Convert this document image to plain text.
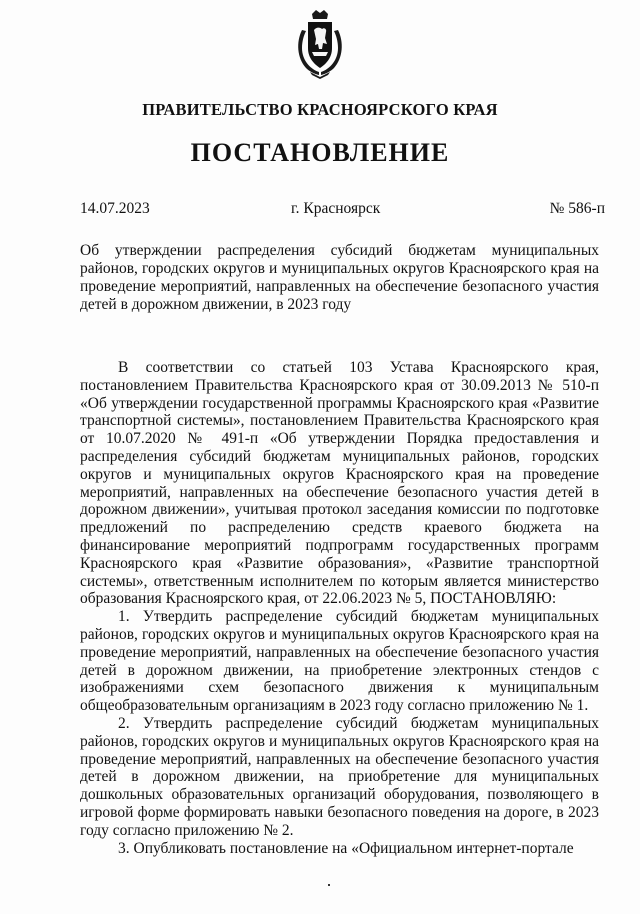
ПРАВИТЕЛЬСТВО КРАСНОЯРСКОГО КРАЯ
ПОСТАНОВЛЕНИЕ
14.07.2023	г. Красноярск	№ 586-п
Об утверждении распределения субсидий бюджетам муниципальных районов, городских округов и муниципальных округов Красноярского края на проведение мероприятий, направленных на обеспечение безопасного участия детей в дорожном движении, в 2023 году

В соответствии со статьей 103 Устава Красноярского края, постановлением Правительства Красноярского края от 30.09.2013 № 510-п «Об утверждении государственной программы Красноярского края «Развитие транспортной системы», постановлением Правительства Красноярского края от 10.07.2020 № 491-п «Об утверждении Порядка предоставления и распределения субсидий бюджетам муниципальных районов, городских округов и муниципальных округов Красноярского края на проведение мероприятий, направленных на обеспечение безопасного участия детей в дорожном движении», учитывая протокол заседания комиссии по подготовке предложений по распределению средств краевого бюджета на финансирование мероприятий подпрограмм государственных программ Красноярского края «Развитие образования», «Развитие транспортной системы», ответственным исполнителем по которым является министерство образования Красноярского края, от 22.06.2023 № 5, ПОСТАНОВЛЯЮ:

1. Утвердить распределение субсидий бюджетам муниципальных районов, городских округов и муниципальных округов Красноярского края на проведение мероприятий, направленных на обеспечение безопасного участия детей в дорожном движении, на приобретение электронных стендов с изображениями схем безопасного движения к муниципальным общеобразовательным организациям в 2023 году согласно приложению № 1.

2. Утвердить распределение субсидий бюджетам муниципальных районов, городских округов и муниципальных округов Красноярского края на проведение мероприятий, направленных на обеспечение безопасного участия детей в дорожном движении, на приобретение для муниципальных дошкольных образовательных организаций оборудования, позволяющего в игровой форме формировать навыки безопасного поведения на дороге, в 2023 году согласно приложению № 2.

3. Опубликовать постановление на «Официальном интернет-портале
